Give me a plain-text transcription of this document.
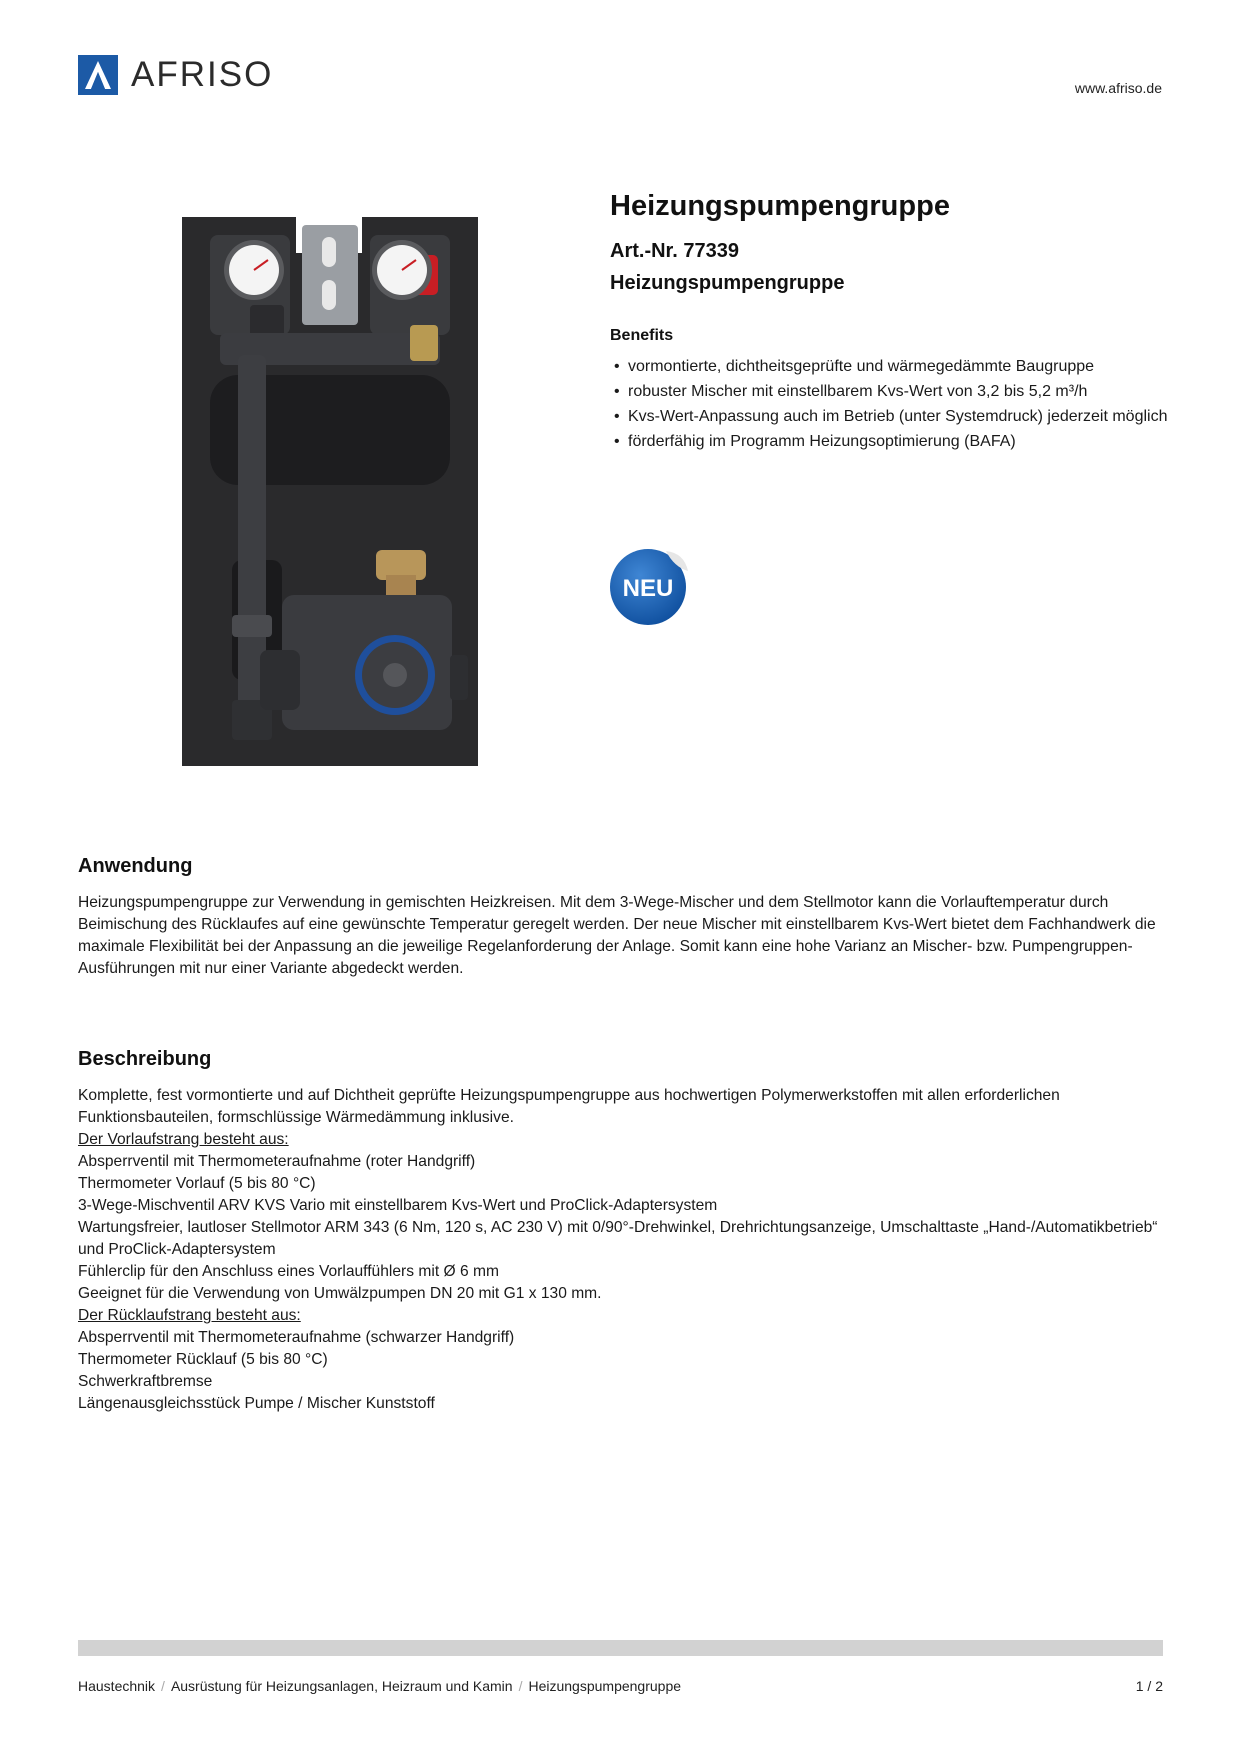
AFRISO	www.afriso.de
Heizungspumpengruppe
Art.-Nr. 77339
Heizungspumpengruppe
Benefits
• vormontierte, dichtheitsgeprüfte und wärmegedämmte Baugruppe
• robuster Mischer mit einstellbarem Kvs-Wert von 3,2 bis 5,2 m³/h
• Kvs-Wert-Anpassung auch im Betrieb (unter Systemdruck) jederzeit möglich
• förderfähig im Programm Heizungsoptimierung (BAFA)
NEU
Anwendung

Heizungspumpengruppe zur Verwendung in gemischten Heizkreisen. Mit dem 3-Wege-Mischer und dem Stellmotor kann die Vorlauftemperatur durch Beimischung des Rücklaufes auf eine gewünschte Temperatur geregelt werden. Der neue Mischer mit einstellbarem Kvs-Wert bietet dem Fachhandwerk die maximale Flexibilität bei der Anpassung an die jeweilige Regelanforderung der Anlage. Somit kann eine hohe Varianz an Mischer- bzw. Pumpengruppen-Ausführungen mit nur einer Variante abgedeckt werden.

Beschreibung
Komplette, fest vormontierte und auf Dichtheit geprüfte Heizungspumpengruppe aus hochwertigen Polymerwerkstoffen mit allen erforderlichen Funktionsbauteilen, formschlüssige Wärmedämmung inklusive.
Der Vorlaufstrang besteht aus:
Absperrventil mit Thermometeraufnahme (roter Handgriff)
Thermometer Vorlauf (5 bis 80 °C)
3-Wege-Mischventil ARV KVS Vario mit einstellbarem Kvs-Wert und ProClick-Adaptersystem
Wartungsfreier, lautloser Stellmotor ARM 343 (6 Nm, 120 s, AC 230 V) mit 0/90°-Drehwinkel, Drehrichtungsanzeige, Umschalttaste „Hand-/Automatikbetrieb“ und ProClick-Adaptersystem
Fühlerclip für den Anschluss eines Vorlauffühlers mit Ø 6 mm
Geeignet für die Verwendung von Umwälzpumpen DN 20 mit G1 x 130 mm.
Der Rücklaufstrang besteht aus:
Absperrventil mit Thermometeraufnahme (schwarzer Handgriff)
Thermometer Rücklauf (5 bis 80 °C)
Schwerkraftbremse
Längenausgleichsstück Pumpe / Mischer Kunststoff
Haustechnik / Ausrüstung für Heizungsanlagen, Heizraum und Kamin / Heizungspumpengruppe	1 / 2
